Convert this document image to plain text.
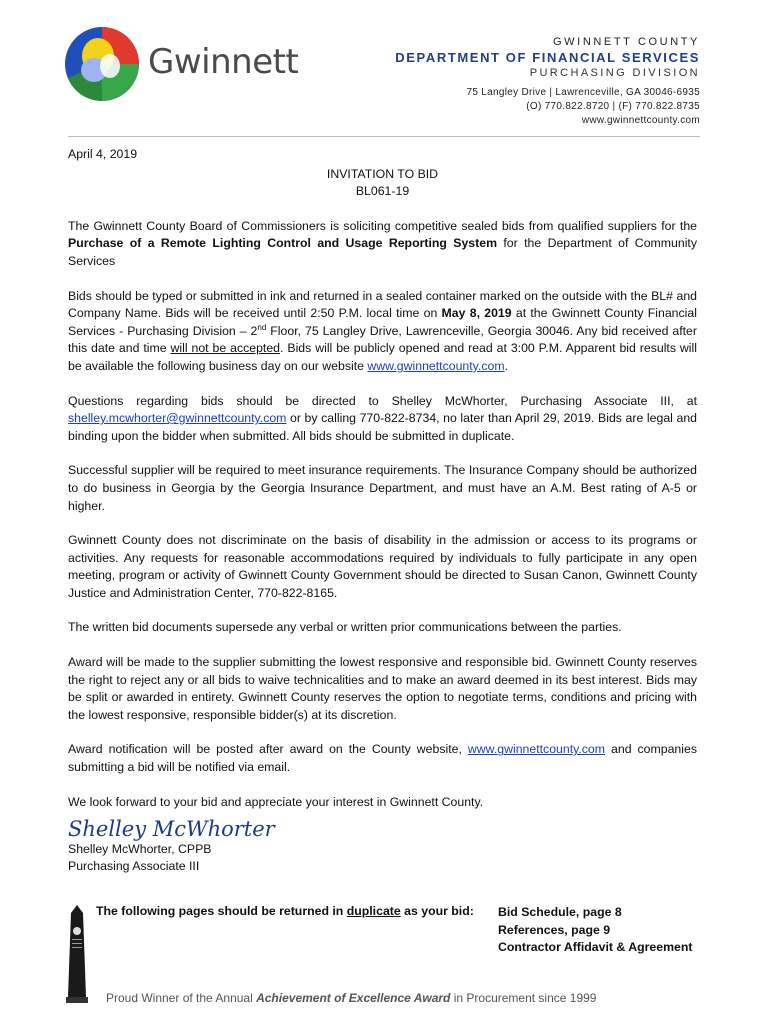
Gwinnett	GWINNETT COUNTY
DEPARTMENT OF FINANCIAL SERVICES
PURCHASING DIVISION
75 Langley Drive | Lawrenceville, GA 30046-6935
(O) 770.822.8720 | (F) 770.822.8735
www.gwinnettcounty.com
April 4, 2019
INVITATION TO BID
BL061-19

The Gwinnett County Board of Commissioners is soliciting competitive sealed bids from qualified suppliers for the Purchase of a Remote Lighting Control and Usage Reporting System for the Department of Community Services

Bids should be typed or submitted in ink and returned in a sealed container marked on the outside with the BL# and Company Name. Bids will be received until 2:50 P.M. local time on May 8, 2019 at the Gwinnett County Financial Services - Purchasing Division – 2nd Floor, 75 Langley Drive, Lawrenceville, Georgia 30046. Any bid received after this date and time will not be accepted. Bids will be publicly opened and read at 3:00 P.M. Apparent bid results will be available the following business day on our website www.gwinnettcounty.com.

Questions regarding bids should be directed to Shelley McWhorter, Purchasing Associate III, at shelley.mcwhorter@gwinnettcounty.com or by calling 770-822-8734, no later than April 29, 2019. Bids are legal and binding upon the bidder when submitted. All bids should be submitted in duplicate.

Successful supplier will be required to meet insurance requirements. The Insurance Company should be authorized to do business in Georgia by the Georgia Insurance Department, and must have an A.M. Best rating of A-5 or higher.

Gwinnett County does not discriminate on the basis of disability in the admission or access to its programs or activities. Any requests for reasonable accommodations required by individuals to fully participate in any open meeting, program or activity of Gwinnett County Government should be directed to Susan Canon, Gwinnett County Justice and Administration Center, 770-822-8165.

The written bid documents supersede any verbal or written prior communications between the parties.

Award will be made to the supplier submitting the lowest responsive and responsible bid. Gwinnett County reserves the right to reject any or all bids to waive technicalities and to make an award deemed in its best interest. Bids may be split or awarded in entirety. Gwinnett County reserves the option to negotiate terms, conditions and pricing with the lowest responsive, responsible bidder(s) at its discretion.

Award notification will be posted after award on the County website, www.gwinnettcounty.com and companies submitting a bid will be notified via email.

We look forward to your bid and appreciate your interest in Gwinnett County.

Shelley McWhorter
Shelley McWhorter, CPPB
Purchasing Associate III
The following pages should be returned in duplicate as your bid: Bid Schedule, page 8
References, page 9
Contractor Affidavit & Agreement
Proud Winner of the Annual Achievement of Excellence Award in Procurement since 1999
